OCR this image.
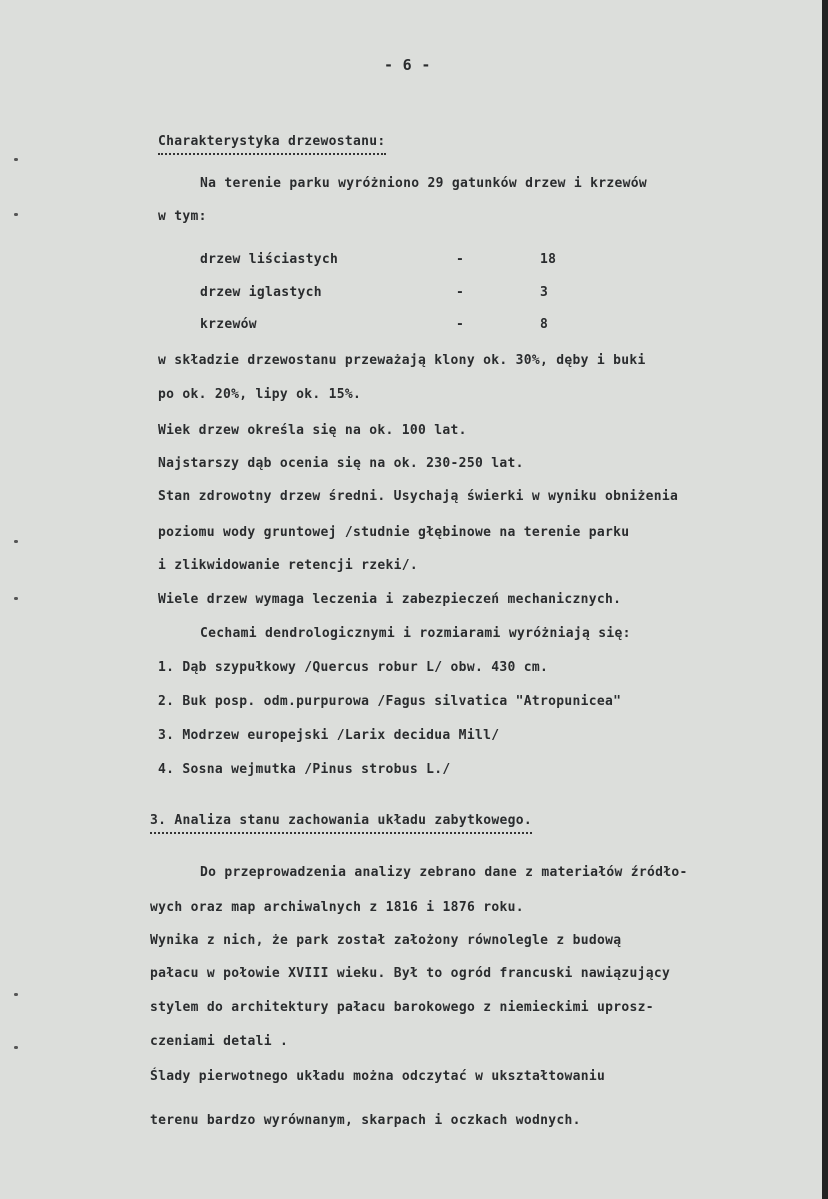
- 6 -
Charakterystyka drzewostanu:
Na terenie parku wyróżniono 29 gatunków drzew i krzewów
w tym:
drzew liściastych	-	18
drzew iglastych	-	3
krzewów	-	8
w składzie drzewostanu przeważają klony ok. 30%, dęby i buki
po ok. 20%, lipy ok. 15%.
Wiek drzew określa się na ok. 100 lat.
Najstarszy dąb ocenia się na ok. 230-250 lat.
Stan zdrowotny drzew średni. Usychają świerki w wyniku obniżenia
poziomu wody gruntowej /studnie głębinowe na terenie parku
i zlikwidowanie retencji rzeki/.
Wiele drzew wymaga leczenia i zabezpieczeń mechanicznych.
Cechami dendrologicznymi i rozmiarami wyróżniają się:
1. Dąb szypułkowy /Quercus robur L/ obw. 430 cm.
2. Buk posp. odm.purpurowa /Fagus silvatica "Atropunicea"
3. Modrzew europejski /Larix decidua Mill/
4. Sosna wejmutka /Pinus strobus L./
3. Analiza stanu zachowania układu zabytkowego.
Do przeprowadzenia analizy zebrano dane z materiałów źródło-
wych oraz map archiwalnych z 1816 i 1876 roku.
Wynika z nich, że park został założony równolegle z budową
pałacu w połowie XVIII wieku. Był to ogród francuski nawiązujący
stylem do architektury pałacu barokowego z niemieckimi uprosz-
czeniami detali .
Ślady pierwotnego układu można odczytać w ukształtowaniu
terenu bardzo wyrównanym, skarpach i oczkach wodnych.
